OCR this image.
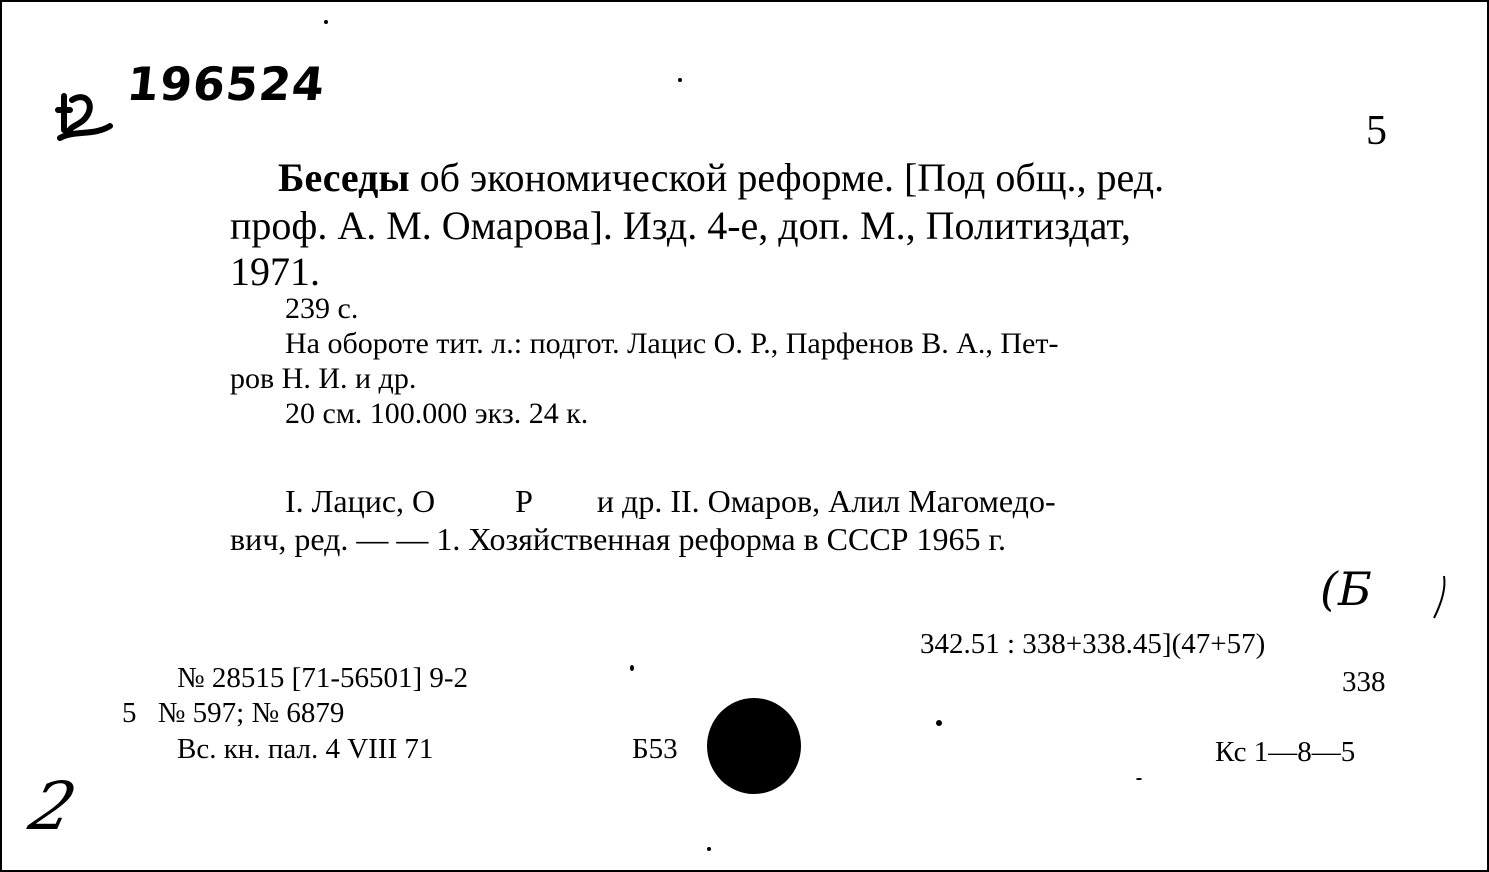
196524
5
Беседы об экономической реформе. [Под общ., ред.
проф. А. М. Омарова]. Изд. 4-е, доп. М., Политиздат,
1971.
239 с.
На обороте тит. л.: подгот. Лацис О. Р., Парфенов В. А., Пет-
ров Н. И. и др.
20 см. 100.000 экз. 24 к.
I. Лацис, О          Р        и др. II. Омаров, Алил Магомедо-
вич, ред. — — 1. Хозяйственная реформа в СССР 1965 г.
(Б
342.51 : 338+338.45](47+57)
338
№ 28515 [71-56501] 9-2
5 № 597; № 6879
Вс. кн. пал. 4 VIII 71	Б53	Кс 1—8—5
2
